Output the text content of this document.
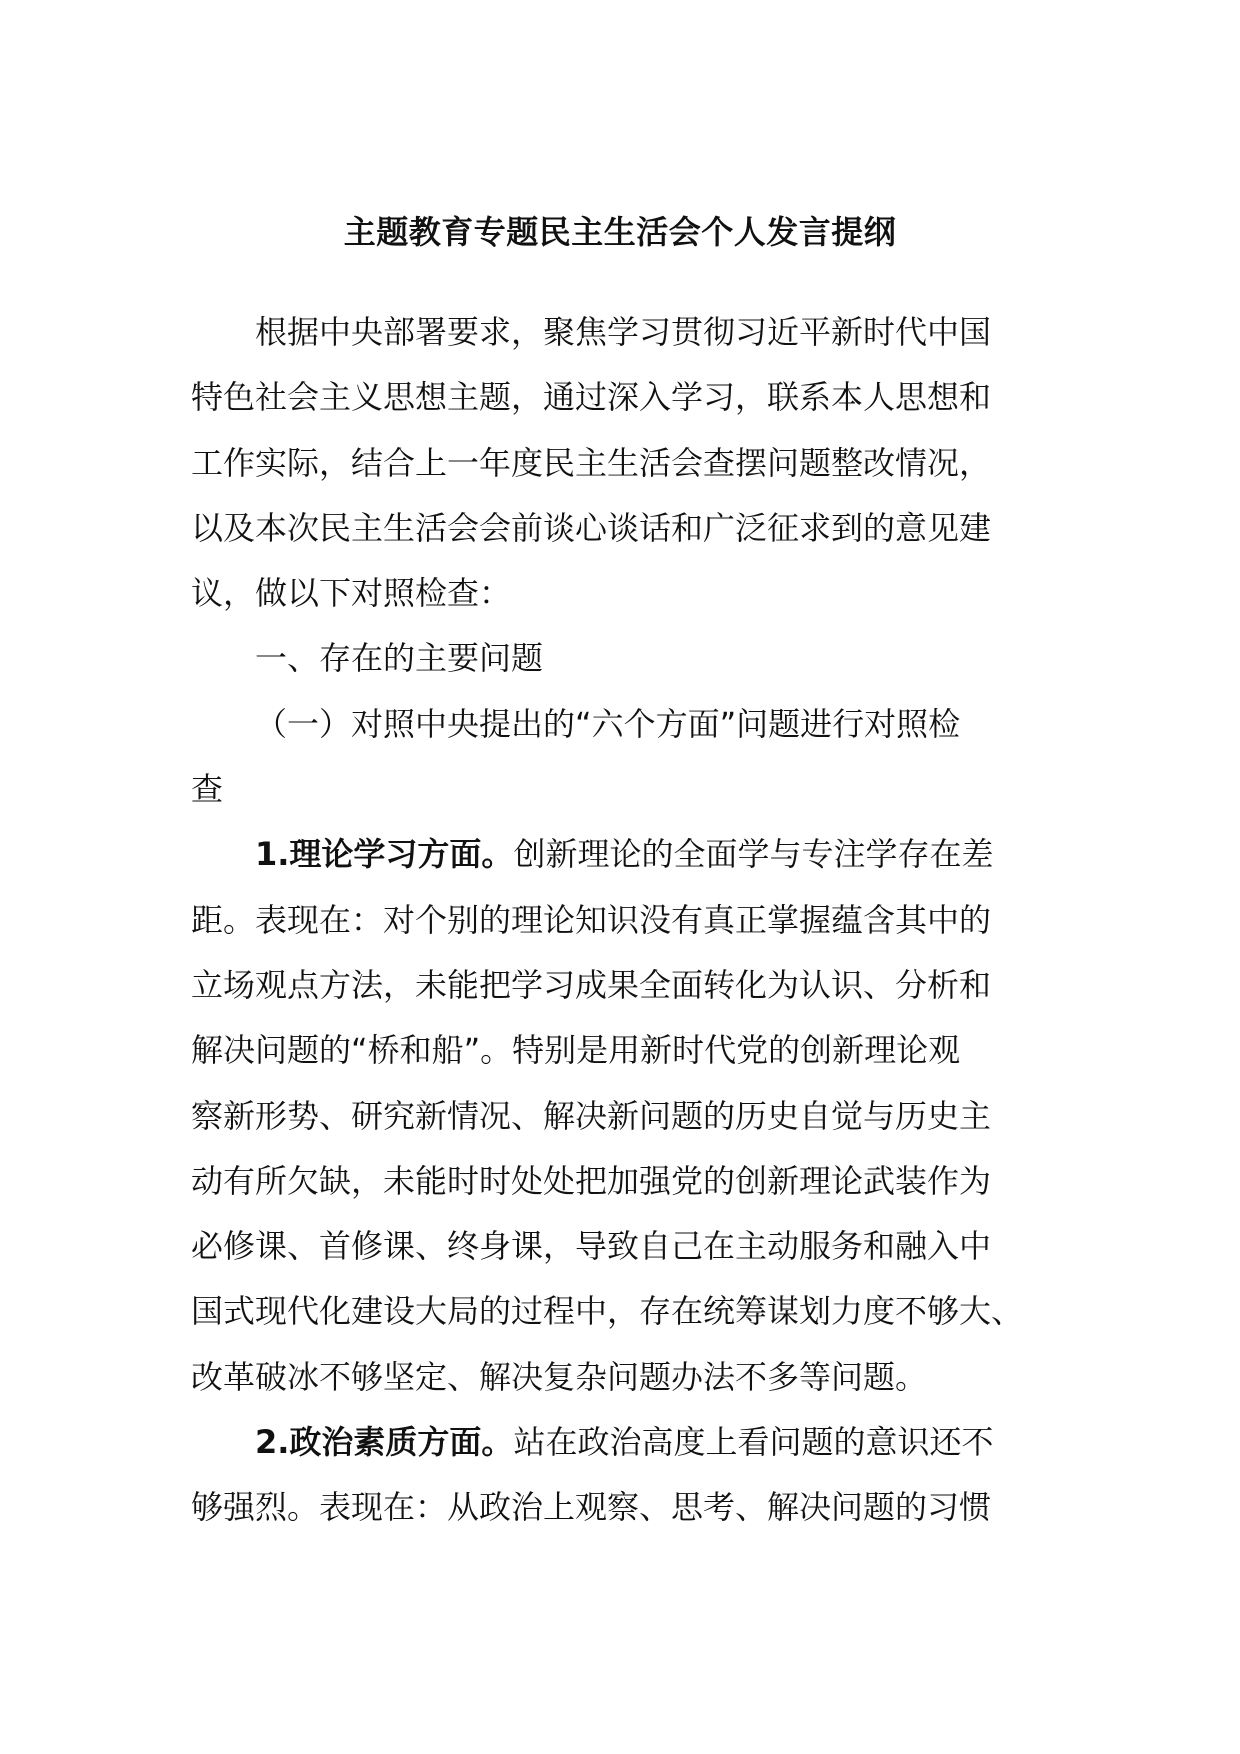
主题教育专题民主生活会个人发言提纲
根据中央部署要求，聚焦学习贯彻习近平新时代中国
特色社会主义思想主题，通过深入学习，联系本人思想和
工作实际，结合上一年度民主生活会查摆问题整改情况，
以及本次民主生活会会前谈心谈话和广泛征求到的意见建
议，做以下对照检查：
一、存在的主要问题
（一）对照中央提出的“六个方面”问题进行对照检
查
1.理论学习方面。创新理论的全面学与专注学存在差
距。表现在：对个别的理论知识没有真正掌握蕴含其中的
立场观点方法，未能把学习成果全面转化为认识、分析和
解决问题的“桥和船”。特别是用新时代党的创新理论观
察新形势、研究新情况、解决新问题的历史自觉与历史主
动有所欠缺，未能时时处处把加强党的创新理论武装作为
必修课、首修课、终身课，导致自己在主动服务和融入中
国式现代化建设大局的过程中，存在统筹谋划力度不够大、
改革破冰不够坚定、解决复杂问题办法不多等问题。
2.政治素质方面。站在政治高度上看问题的意识还不
够强烈。表现在：从政治上观察、思考、解决问题的习惯
